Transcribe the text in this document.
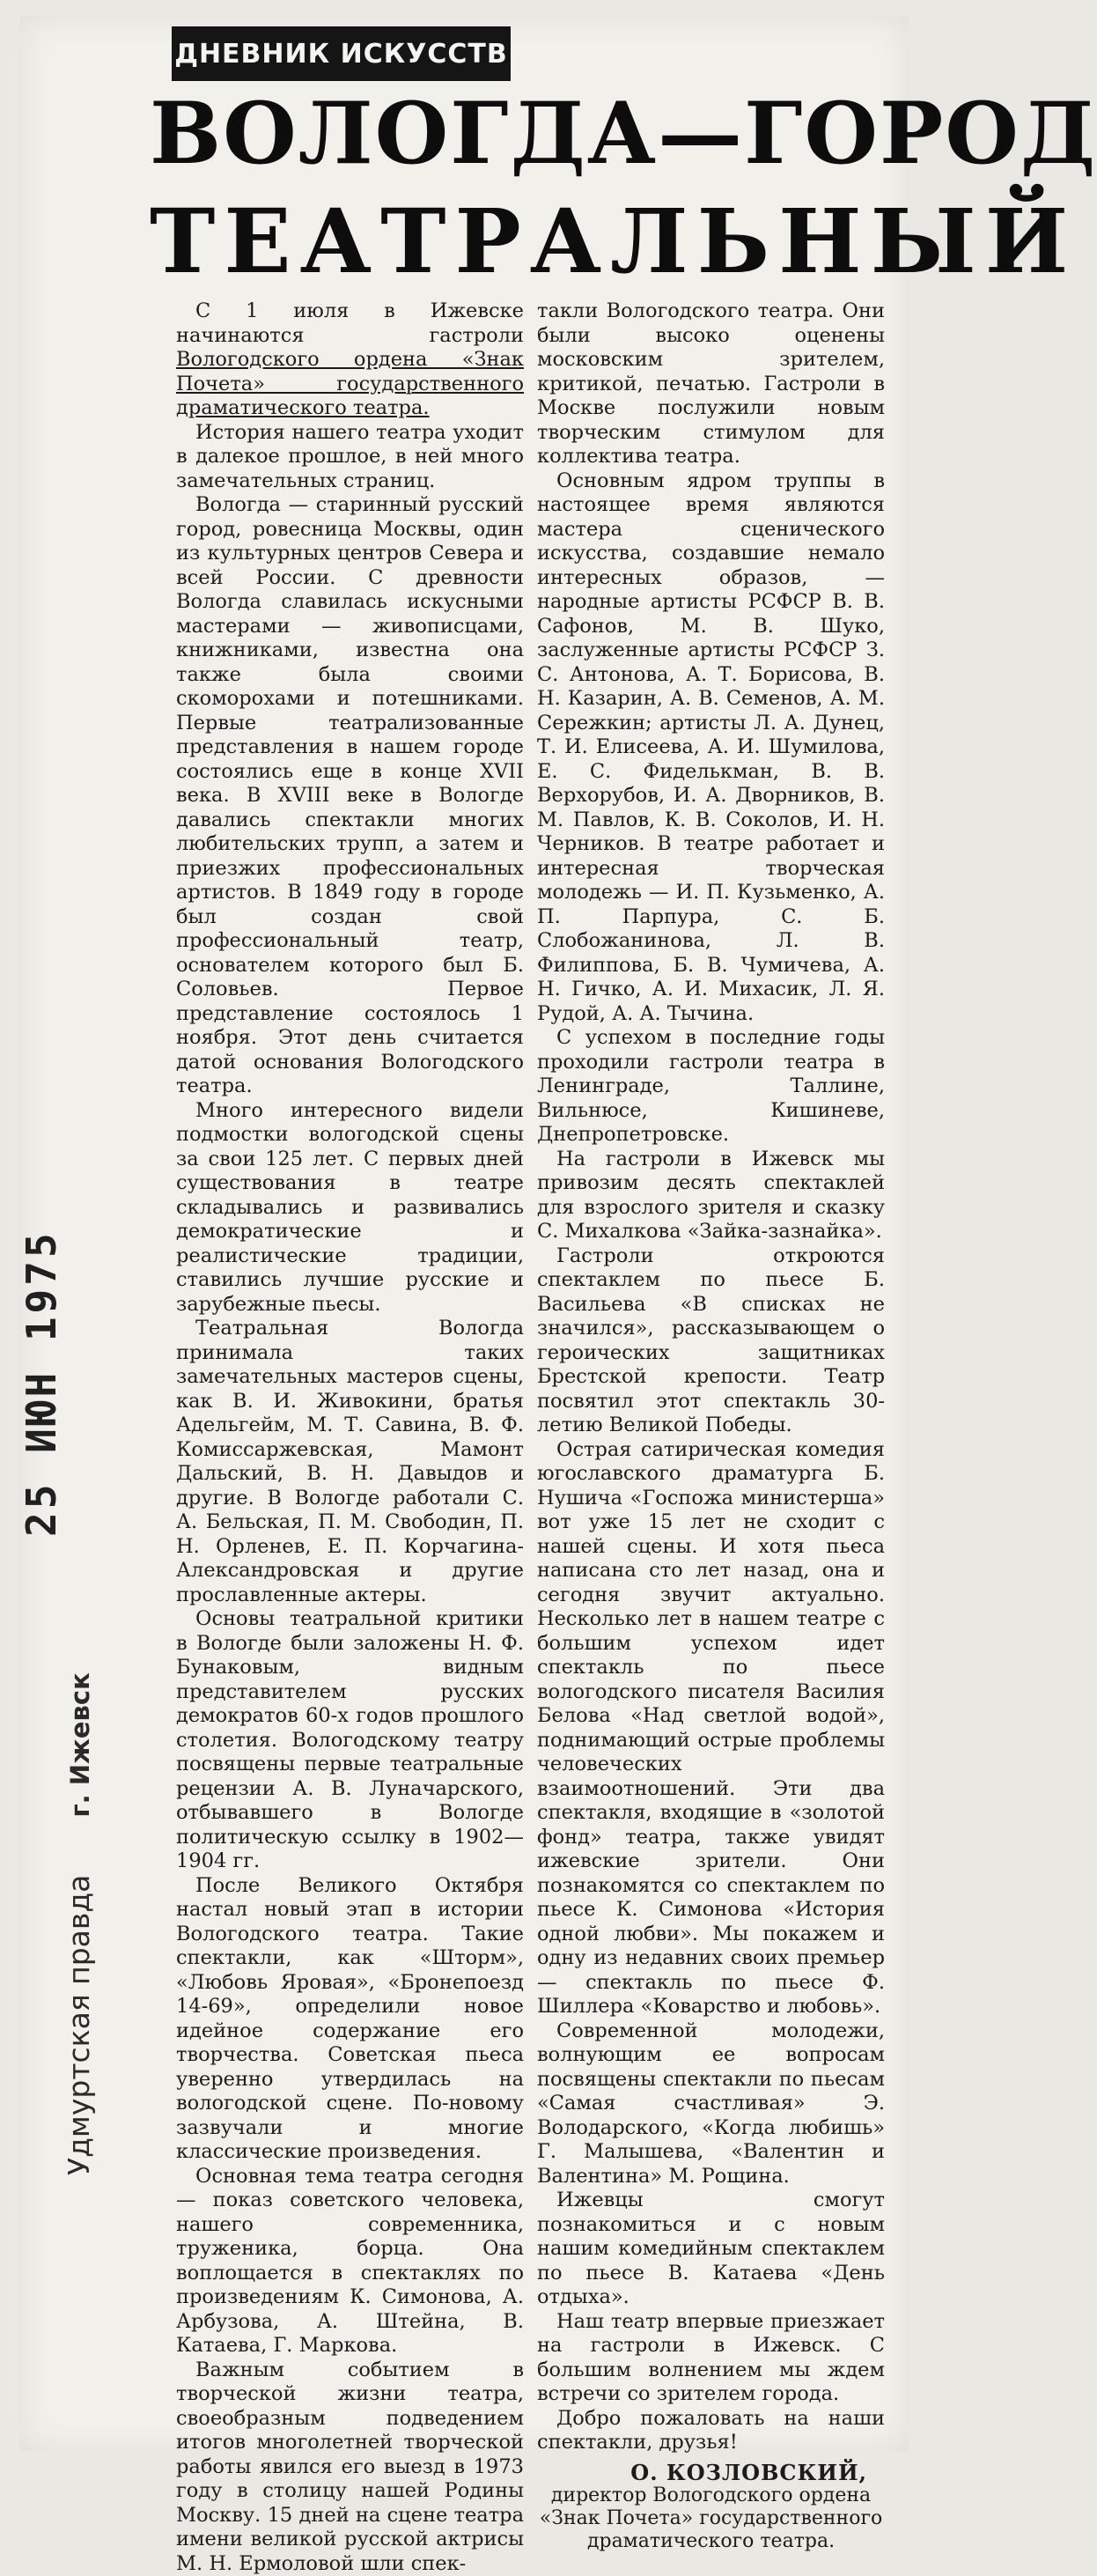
ДНЕВНИК ИСКУССТВ
ВОЛОГДА—ГОРОД
ТЕАТРАЛЬНЫЙ

С 1 июля в Ижевске начинаются гастроли Вологодского ордена «Знак Почета» государственного драматического театра.

История нашего театра уходит в далекое прошлое, в ней много замечательных страниц.

Вологда — старинный русский город, ровесница Москвы, один из культурных центров Севера и всей России. С древности Вологда славилась искусными мастерами — живописцами, книжниками, известна она также была своими скоморохами и потешниками. Первые театрализованные представления в нашем городе состоялись еще в конце XVII века. В XVIII веке в Вологде давались спектакли многих любительских трупп, а затем и приезжих профессиональных артистов. В 1849 году в городе был создан свой профессиональный театр, основателем которого был Б. Соловьев. Первое представление состоялось 1 ноября. Этот день считается датой основания Вологодского театра.

Много интересного видели подмостки вологодской сцены за свои 125 лет. С первых дней существования в театре складывались и развивались демократические и реалистические традиции, ставились лучшие русские и зарубежные пьесы.

Театральная Вологда принимала таких замечательных мастеров сцены, как В. И. Живокини, братья Адельгейм, М. Т. Савина, В. Ф. Комиссаржевская, Мамонт Дальский, В. Н. Давыдов и другие. В Вологде работали С. А. Бельская, П. М. Свободин, П. Н. Орленев, Е. П. Корчагина-Александровская и другие прославленные актеры.

Основы театральной критики в Вологде были заложены Н. Ф. Бунаковым, видным представителем русских демократов 60-х годов прошлого столетия. Вологодскому театру посвящены первые театральные рецензии А. В. Луначарского, отбывавшего в Вологде политическую ссылку в 1902—1904 гг.

После Великого Октября настал новый этап в истории Вологодского театра. Такие спектакли, как «Шторм», «Любовь Яровая», «Бронепоезд 14-69», определили новое идейное содержание его творчества. Советская пьеса уверенно утвердилась на вологодской сцене. По-новому зазвучали и многие классические произведения.

Основная тема театра сегодня — показ советского человека, нашего современника, труженика, борца. Она воплощается в спектаклях по произведениям К. Симонова, А. Арбузова, А. Штейна, В. Катаева, Г. Маркова.

Важным событием в творческой жизни театра, своеобразным подведением итогов многолетней творческой работы явился его выезд в 1973 году в столицу нашей Родины Москву. 15 дней на сцене театра имени великой русской актрисы М. Н. Ермоловой шли спек-

такли Вологодского театра. Они были высоко оценены московским зрителем, критикой, печатью. Гастроли в Москве послужили новым творческим стимулом для коллектива театра.

Основным ядром труппы в настоящее время являются мастера сценического искусства, создавшие немало интересных образов, — народные артисты РСФСР В. В. Сафонов, М. В. Шуко, заслуженные артисты РСФСР З. С. Антонова, А. Т. Борисова, В. Н. Казарин, А. В. Семенов, А. М. Сережкин; артисты Л. А. Дунец, Т. И. Елисеева, А. И. Шумилова, Е. С. Фиделькман, В. В. Верхорубов, И. А. Дворников, В. М. Павлов, К. В. Соколов, И. Н. Черников. В театре работает и интересная творческая молодежь — И. П. Кузьменко, А. П. Парпура, С. Б. Слобожанинова, Л. В. Филиппова, Б. В. Чумичева, А. Н. Гичко, А. И. Михасик, Л. Я. Рудой, А. А. Тычина.

С успехом в последние годы проходили гастроли театра в Ленинграде, Таллине, Вильнюсе, Кишиневе, Днепропетровске.

На гастроли в Ижевск мы привозим десять спектаклей для взрослого зрителя и сказку С. Михалкова «Зайка-зазнайка».

Гастроли откроются спектаклем по пьесе Б. Васильева «В списках не значился», рассказывающем о героических защитниках Брестской крепости. Театр посвятил этот спектакль 30-летию Великой Победы.

Острая сатирическая комедия югославского драматурга Б. Нушича «Госпожа министерша» вот уже 15 лет не сходит с нашей сцены. И хотя пьеса написана сто лет назад, она и сегодня звучит актуально. Несколько лет в нашем театре с большим успехом идет спектакль по пьесе вологодского писателя Василия Белова «Над светлой водой», поднимающий острые проблемы человеческих взаимоотношений. Эти два спектакля, входящие в «золотой фонд» театра, также увидят ижевские зрители. Они познакомятся со спектаклем по пьесе К. Симонова «История одной любви». Мы покажем и одну из недавних своих премьер — спектакль по пьесе Ф. Шиллера «Коварство и любовь».

Современной молодежи, волнующим ее вопросам посвящены спектакли по пьесам «Самая счастливая» Э. Володарского, «Когда любишь» Г. Малышева, «Валентин и Валентина» М. Рощина.

Ижевцы смогут познакомиться и с новым нашим комедийным спектаклем по пьесе В. Катаева «День отдыха».

Наш театр впервые приезжает на гастроли в Ижевск. С большим волнением мы ждем встречи со зрителем города.

Добро пожаловать на наши спектакли, друзья!

О. КОЗЛОВСКИЙ,
директор Вологодского ордена «Знак Почета» государственного драматического театра.
25 ИЮН 1975
Удмуртская правда г. Ижевск
